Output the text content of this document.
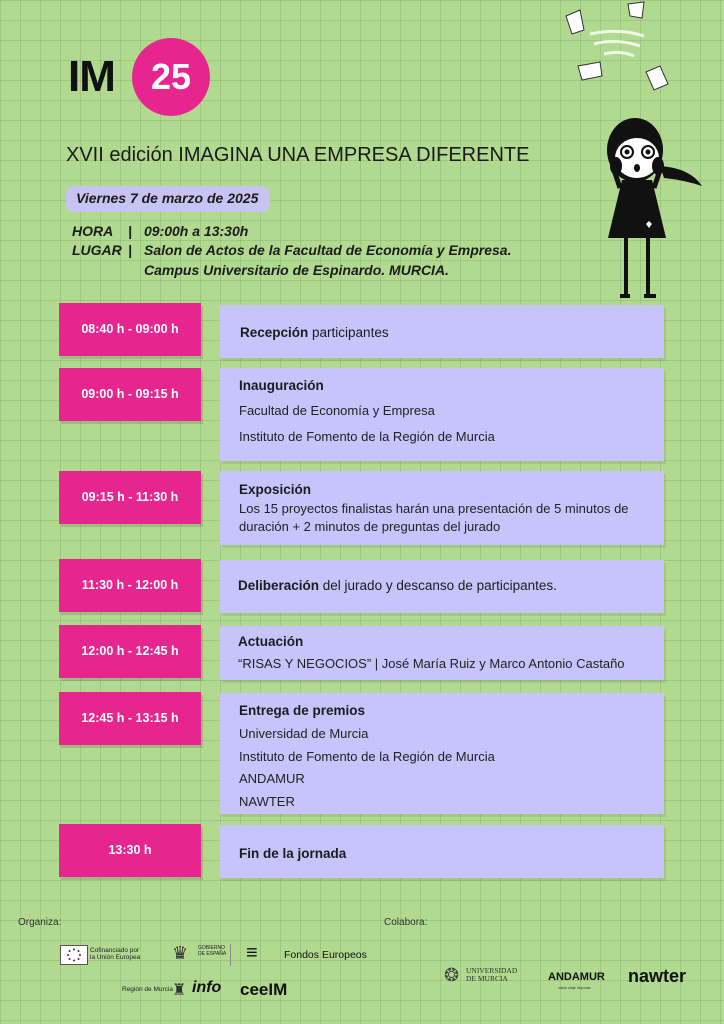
IM	25
XVII edición IMAGINA UNA EMPRESA DIFERENTE
Viernes 7 de marzo de 2025
HORA | 09:00h a 13:30h
LUGAR | Salon de Actos de la Facultad de Economía y Empresa.
Campus Universitario de Espinardo. MURCIA.
08:40 h - 09:00 h	Recepción participantes
09:00 h - 09:15 h
Inauguración
Facultad de Economía y Empresa
Instituto de Fomento de la Región de Murcia
09:15 h - 11:30 h	Exposición
Los 15 proyectos finalistas harán una presentación de 5 minutos de
duración + 2 minutos de preguntas del jurado
11:30 h - 12:00 h	Deliberación del jurado y descanso de participantes.
12:00 h - 12:45 h
Actuación
“RISAS Y NEGOCIOS” | José María Ruiz y Marco Antonio Castaño
12:45 h - 13:15 h	Entrega de premios
Universidad de Murcia
Instituto de Fomento de la Región de Murcia
ANDAMUR
NAWTER
13:30 h	Fin de la jornada
Organiza:	Colabora:
Cofinanciado por
la Unión Europea ♛ GOBIERNO
DE ESPAÑA ≡	Fondos Europeos
Región de Murcia ♜ info ceeIM
❂ UNIVERSIDAD
DE MURCIA	ANDAMUR
cada viaje importa
nawter
